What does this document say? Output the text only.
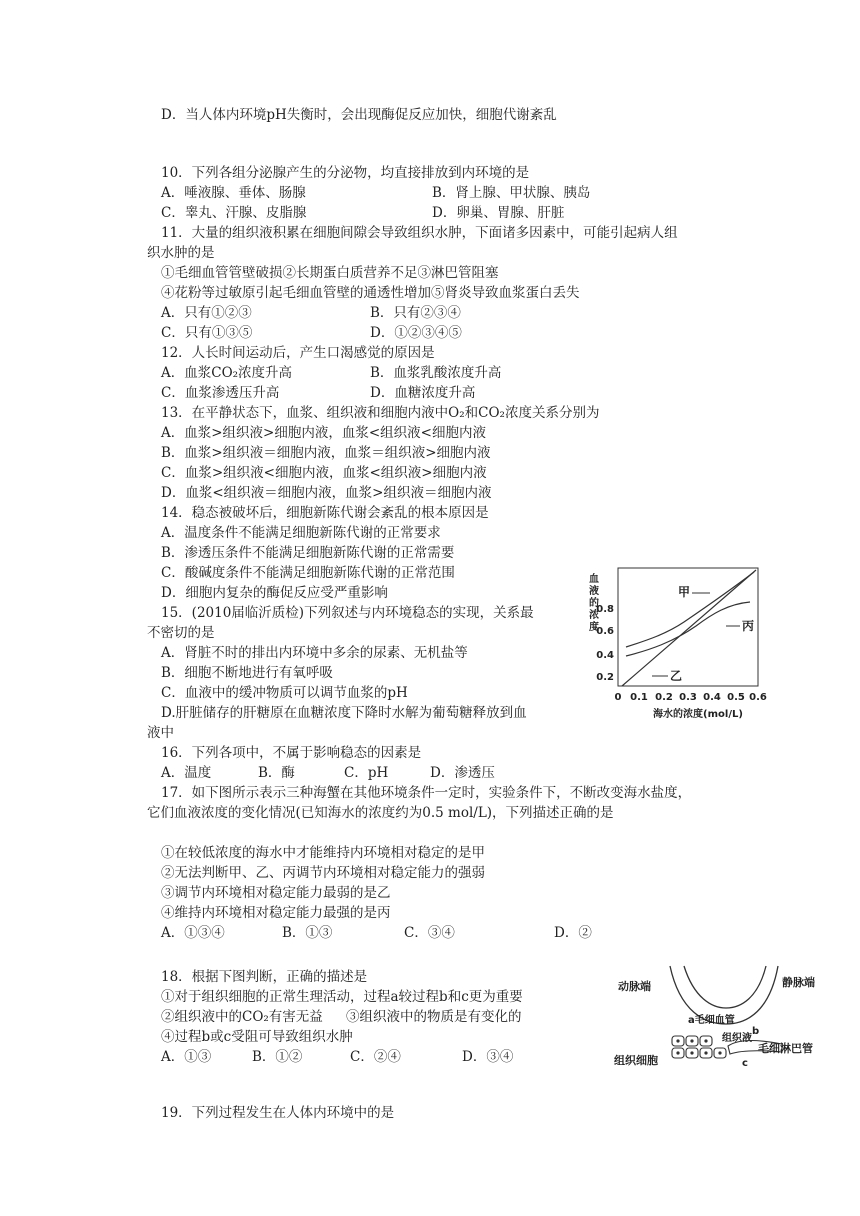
D．当人体内环境pH失衡时，会出现酶促反应加快，细胞代谢紊乱
10．下列各组分泌腺产生的分泌物，均直接排放到内环境的是
A．唾液腺、垂体、肠腺	B．肾上腺、甲状腺、胰岛
C．睾丸、汗腺、皮脂腺	D．卵巢、胃腺、肝脏
11．大量的组织液积累在细胞间隙会导致组织水肿，下面诸多因素中，可能引起病人组
织水肿的是
①毛细血管管壁破损②长期蛋白质营养不足③淋巴管阻塞
④花粉等过敏原引起毛细血管壁的通透性增加⑤肾炎导致血浆蛋白丢失
A．只有①②③	B．只有②③④
C．只有①③⑤	D．①②③④⑤
12．人长时间运动后，产生口渴感觉的原因是
A．血浆CO₂浓度升高	B．血浆乳酸浓度升高
C．血浆渗透压升高	D．血糖浓度升高
13．在平静状态下，血浆、组织液和细胞内液中O₂和CO₂浓度关系分别为
A．血浆>组织液>细胞内液，血浆<组织液<细胞内液
B．血浆>组织液＝细胞内液，血浆＝组织液>细胞内液
C．血浆>组织液<细胞内液，血浆<组织液>细胞内液
D．血浆<组织液＝细胞内液，血浆>组织液＝细胞内液
14．稳态被破坏后，细胞新陈代谢会紊乱的根本原因是
A．温度条件不能满足细胞新陈代谢的正常要求
B．渗透压条件不能满足细胞新陈代谢的正常需要
C．酸碱度条件不能满足细胞新陈代谢的正常范围
D．细胞内复杂的酶促反应受严重影响
15．(2010届临沂质检)下列叙述与内环境稳态的实现，关系最
不密切的是
A．肾脏不时的排出内环境中多余的尿素、无机盐等
B．细胞不断地进行有氧呼吸
C．血液中的缓冲物质可以调节血浆的pH
D.肝脏储存的肝糖原在血糖浓度下降时水解为葡萄糖释放到血
液中
16．下列各项中，不属于影响稳态的因素是
A．温度	B．酶	C．pH	D．渗透压
17．如下图所示表示三种海蟹在其他环境条件一定时，实验条件下，不断改变海水盐度，
它们血液浓度的变化情况(已知海水的浓度约为0.5 mol/L)，下列描述正确的是
①在较低浓度的海水中才能维持内环境相对稳定的是甲
②无法判断甲、乙、丙调节内环境相对稳定能力的强弱
③调节内环境相对稳定能力最弱的是乙
④维持内环境相对稳定能力最强的是丙
A．①③④	B．①③	C．③④	D．②
18．根据下图判断，正确的描述是
①对于组织细胞的正常生理活动，过程a较过程b和c更为重要
②组织液中的CO₂有害无益 ③组织液中的物质是有变化的
④过程b或c受阻可导致组织水肿
A．①③	B．①②	C．②④	D．③④
19．下列过程发生在人体内环境中的是
血
液
的
浓
度
0.8
0.6
0.4
0.2
甲
丙
乙
0 0.1 0.2 0.3 0.4 0.5 0.6
海水的浓度(mol/L)
动脉端	静脉端
a毛细血管
b
组织液
毛细淋巴管
组织细胞	c
